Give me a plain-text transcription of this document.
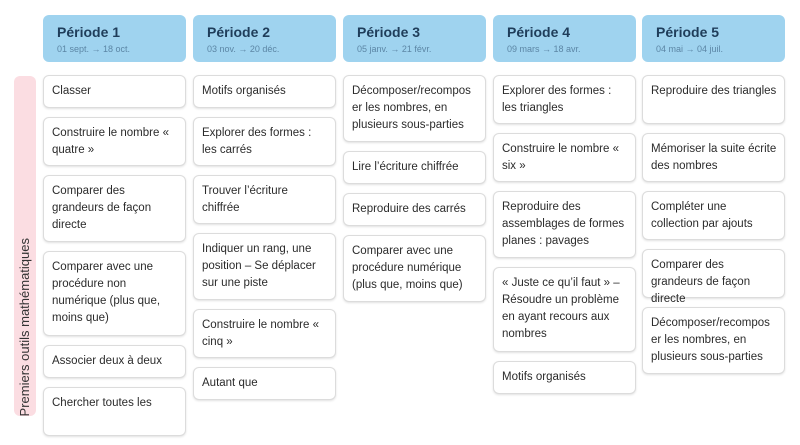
Premiers outils mathématiques
Période 1
01 sept. → 18 oct.
Classer
Construire le nombre « quatre »
Comparer des grandeurs de façon directe
Comparer avec une procédure non numérique (plus que, moins que)
Associer deux à deux
Chercher toutes les
Période 2
03 nov. → 20 déc.
Motifs organisés
Explorer des formes : les carrés
Trouver l’écriture chiffrée
Indiquer un rang, une position – Se déplacer sur une piste
Construire le nombre « cinq »
Autant que
Période 3
05 janv. → 21 févr.
Décomposer/recompos er les nombres, en plusieurs sous-parties
Lire l’écriture chiffrée
Reproduire des carrés
Comparer avec une procédure numérique (plus que, moins que)
Période 4
09 mars → 18 avr.
Explorer des formes : les triangles
Construire le nombre « six »
Reproduire des assemblages de formes planes : pavages
« Juste ce qu’il faut » – Résoudre un problème en ayant recours aux nombres
Motifs organisés
Période 5
04 mai → 04 juil.
Reproduire des triangles
Mémoriser la suite écrite des nombres
Compléter une collection par ajouts
Comparer des grandeurs de façon directe
Décomposer/recompos er les nombres, en plusieurs sous-parties
